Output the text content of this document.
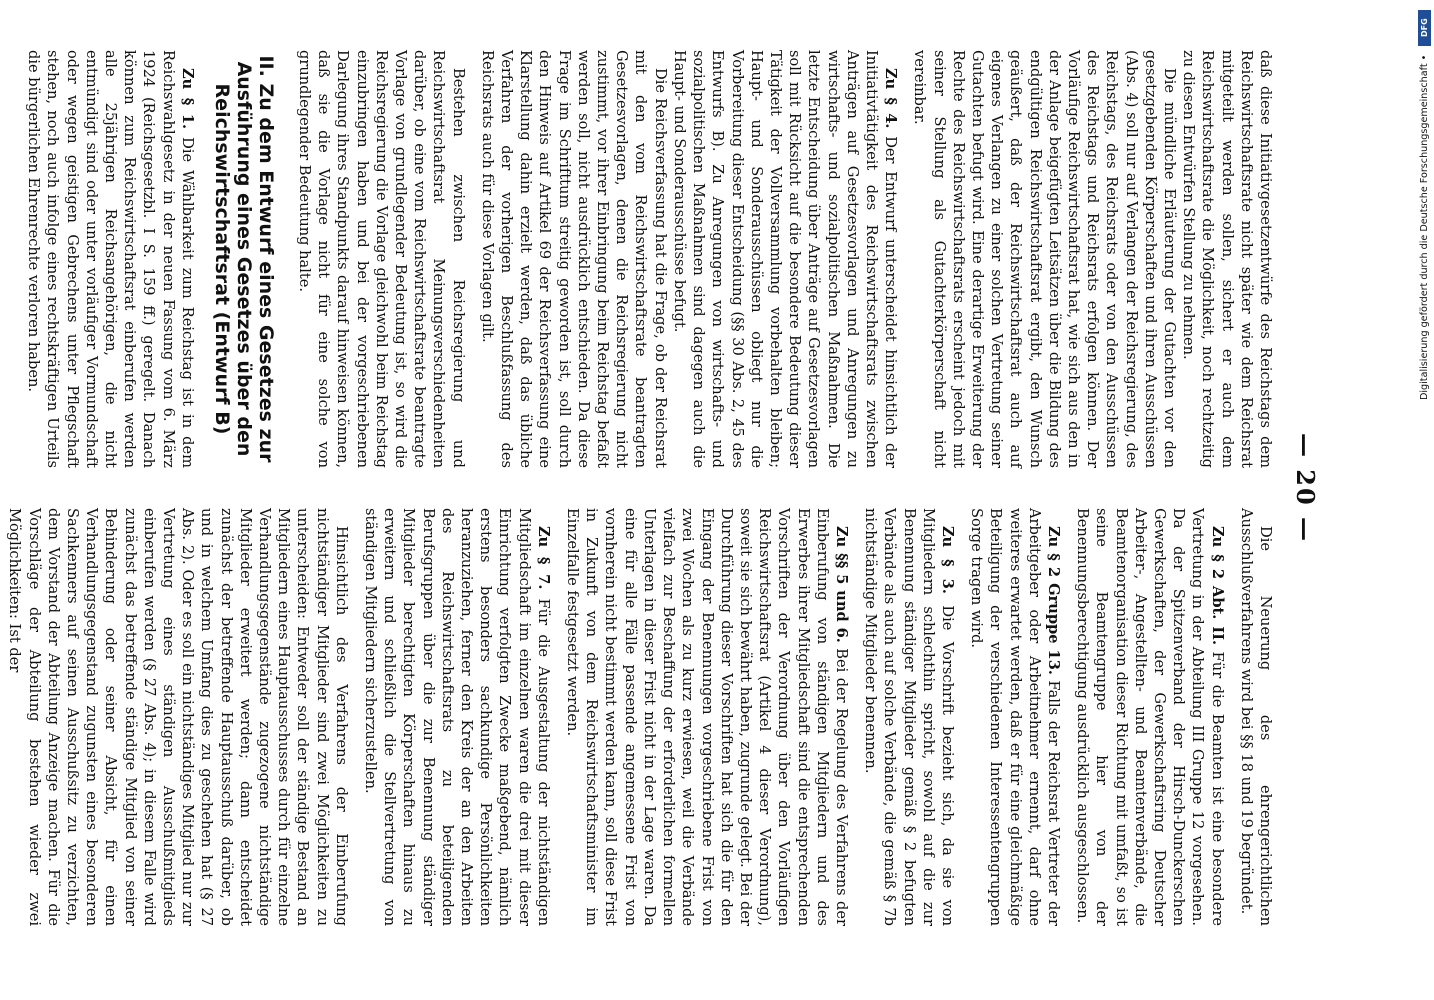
— 20 —

daß diese Initiativgesetzentwürfe des Reichstags dem Reichswirtschaftsrate nicht später wie dem Reichsrat mitgeteilt werden sollen, sichert er auch dem Reichswirtschaftsrate die Möglichkeit, noch rechtzeitig zu diesen Entwürfen Stellung zu nehmen.

Die mündliche Erläuterung der Gutachten vor den gesetzgebenden Körperschaften und ihren Ausschüssen (Abs. 4) soll nur auf Verlangen der Reichsregierung, des Reichstags, des Reichsrats oder von den Ausschüssen des Reichstags und Reichsrats erfolgen können. Der Vorläufige Reichswirtschaftsrat hat, wie sich aus den in der Anlage beigefügten Leitsätzen über die Bildung des endgültigen Reichswirtschaftsrat ergibt, den Wunsch geäußert, daß der Reichswirtschaftsrat auch auf eigenes Verlangen zu einer solchen Vertretung seiner Gutachten befugt wird. Eine derartige Erweiterung der Rechte des Reichswirtschaftsrats erscheint jedoch mit seiner Stellung als Gutachterkörperschaft nicht vereinbar.

Zu § 4. Der Entwurf unterscheidet hinsichtlich der Initiativtätigkeit des Reichswirtschaftsrats zwischen Anträgen auf Gesetzesvorlagen und Anregungen zu wirtschafts- und sozialpolitischen Maßnahmen. Die letzte Entscheidung über Anträge auf Gesetzesvorlagen soll mit Rücksicht auf die besondere Bedeutung dieser Tätigkeit der Vollversammlung vorbehalten bleiben; Haupt- und Sonderausschüssen obliegt nur die Vorbereitung dieser Entscheidung (§§ 30 Abs. 2, 45 des Entwurfs B). Zu Anregungen von wirtschafts- und sozialpolitischen Maßnahmen sind dagegen auch die Haupt- und Sonderausschüsse befugt.

Die Reichsverfassung hat die Frage, ob der Reichsrat mit den vom Reichswirtschaftsrate beantragten Gesetzesvorlagen, denen die Reichsregierung nicht zustimmt, vor ihrer Einbringung beim Reichstag befaßt werden soll, nicht ausdrücklich entschieden. Da diese Frage im Schrifttum streitig geworden ist, soll durch den Hinweis auf Artikel 69 der Reichsverfassung eine Klarstellung dahin erzielt werden, daß das übliche Verfahren der vorherigen Beschlußfassung des Reichsrats auch für diese Vorlagen gilt.

Bestehen zwischen Reichsregierung und Reichswirtschaftsrat Meinungsverschiedenheiten darüber, ob eine vom Reichswirtschaftsrate beantragte Vorlage von grundlegender Bedeutung ist, so wird die Reichsregierung die Vorlage gleichwohl beim Reichstag einzubringen haben und bei der vorgeschriebenen Darlegung ihres Standpunkts darauf hinweisen können, daß sie die Vorlage nicht für eine solche von grundlegender Bedeutung halte.

II. Zu dem Entwurf eines Gesetzes zur Ausführung eines Gesetzes über den Reichswirtschaftsrat (Entwurf B)

Zu § 1. Die Wählbarkeit zum Reichstag ist in dem Reichswahlgesetz in der neuen Fassung vom 6. März 1924 (Reichsgesetzbl. I S. 159 ff.) geregelt. Danach können zum Reichswirtschaftsrat einberufen werden alle 25jährigen Reichsangehörigen, die nicht entmündigt sind oder unter vorläufiger Vormundschaft oder wegen geistigen Gebrechens unter Pflegschaft stehen, noch auch infolge eines rechtskräftigen Urteils die bürgerlichen Ehrenrechte verloren haben.

Die Neuerung des ehrengerichtlichen Ausschlußverfahrens wird bei §§ 18 und 19 begründet.

Zu § 2 Abt. II. Für die Beamten ist eine besondere Vertretung in der Abteilung III Gruppe 12 vorgesehen. Da der Spitzenverband der Hirsch-Dunckerschen Gewerkschaften, der Gewerkschaftsring Deutscher Arbeiter-, Angestellten- und Beamtenverbände, die Beamtenorganisation dieser Richtung mit umfaßt, so ist seine Beamtengruppe hier von der Benennungsberechtigung ausdrücklich ausgeschlossen.

Zu § 2 Gruppe 13. Falls der Reichsrat Vertreter der Arbeitgeber oder Arbeitnehmer ernennt, darf ohne weiteres erwartet werden, daß er für eine gleichmäßige Beteiligung der verschiedenen Interessentengruppen Sorge tragen wird.

Zu § 3. Die Vorschrift bezieht sich, da sie von Mitgliedern schlechthin spricht, sowohl auf die zur Benennung ständiger Mitglieder gemäß § 2 befugten Verbände als auch auf solche Verbände, die gemäß § 7b nichtständige Mitglieder benennen.

Zu §§ 5 und 6. Bei der Regelung des Verfahrens der Einberufung von ständigen Mitgliedern und des Erwerbes ihrer Mitgliedschaft sind die entsprechenden Vorschriften der Verordnung über den Vorläufigen Reichswirtschaftsrat (Artikel 4 dieser Verordnung), soweit sie sich bewährt haben, zugrunde gelegt. Bei der Durchführung dieser Vorschriften hat sich die für den Eingang der Benennungen vorgeschriebene Frist von zwei Wochen als zu kurz erwiesen, weil die Verbände vielfach zur Beschaffung der erforderlichen formellen Unterlagen in dieser Frist nicht in der Lage waren. Da eine für alle Fälle passende angemessene Frist von vornherein nicht bestimmt werden kann, soll diese Frist in Zukunft von dem Reichswirtschaftsminister im Einzelfalle festgesetzt werden.

Zu § 7. Für die Ausgestaltung der nichtständigen Mitgliedschaft im einzelnen waren die drei mit dieser Einrichtung verfolgten Zwecke maßgebend, nämlich erstens besonders sachkundige Persönlichkeiten heranzuziehen, ferner den Kreis der an den Arbeiten des Reichswirtschaftsrats zu beteiligenden Berufsgruppen über die zur Benennung ständiger Mitglieder berechtigten Körperschaften hinaus zu erweitern und schließlich die Stellvertretung von ständigen Mitgliedern sicherzustellen.

Hinsichtlich des Verfahrens der Einberufung nichtständiger Mitglieder sind zwei Möglichkeiten zu unterscheiden: Entweder soll der ständige Bestand an Mitgliedern eines Hauptausschusses durch für einzelne Verhandlungsgegenstände zugezogene nichtständige Mitglieder erweitert werden; dann entscheidet zunächst der betreffende Hauptausschuß darüber, ob und in welchem Umfang dies zu geschehen hat (§ 27 Abs. 2). Oder es soll ein nichtständiges Mitglied nur zur Vertretung eines ständigen Ausschußmitglieds einberufen werden (§ 27 Abs. 4); in diesem Falle wird zunächst das betreffende ständige Mitglied von seiner Behinderung oder seiner Absicht, für einen Verhandlungsgegenstand zugunsten eines besonderen Sachkenners auf seinen Ausschußsitz zu verzichten, dem Vorstand der Abteilung Anzeige machen. Für die Vorschläge der Abteilung bestehen wieder zwei Möglichkeiten: Ist der

DFG
Digitalisierung gefördert durch die Deutsche Forschungsgemeinschaft •
